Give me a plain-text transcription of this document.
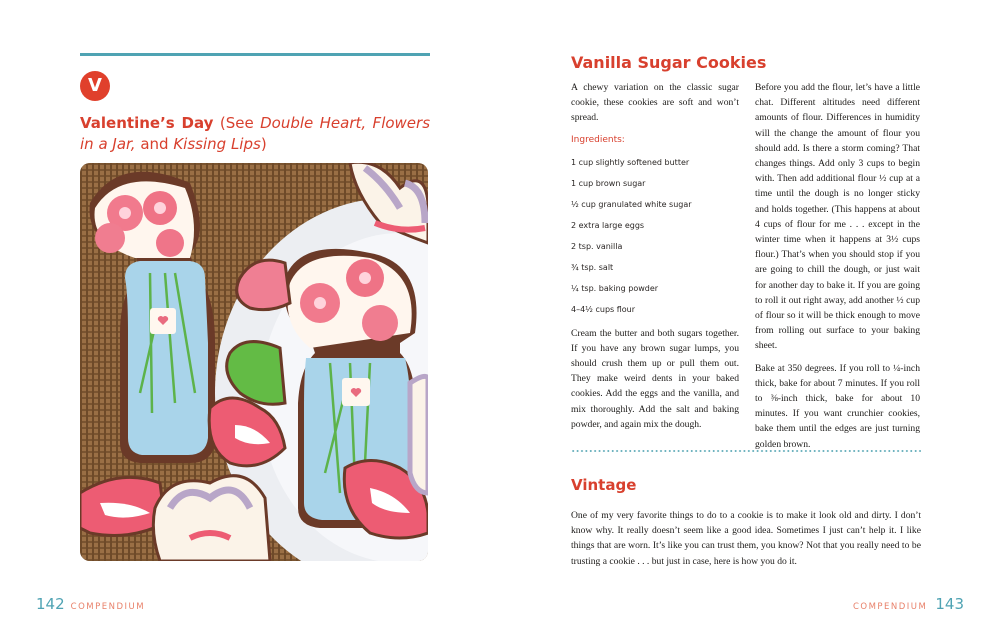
V
Valentine’s Day (See Double Heart, Flowers in a Jar, and Kissing Lips)
142 COMPENDIUM
Vanilla Sugar Cookies

A chewy variation on the classic sugar cookie, these cookies are soft and won’t spread.

Ingredients:
1 cup slightly softened butter
1 cup brown sugar
½ cup granulated white sugar
2 extra large eggs
2 tsp. vanilla
¾ tsp. salt
¼ tsp. baking powder
4–4½ cups flour

Cream the butter and both sugars together. If you have any brown sugar lumps, you should crush them up or pull them out. They make weird dents in your baked cookies. Add the eggs and the vanilla, and mix thoroughly. Add the salt and baking powder, and again mix the dough.

Before you add the flour, let’s have a little chat. Different altitudes need different amounts of flour. Differences in humidity will the change the amount of flour you should add. Is there a storm coming? That changes things. Add only 3 cups to begin with. Then add additional flour ½ cup at a time until the dough is no longer sticky and holds together. (This happens at about 4 cups of flour for me . . . except in the winter time when it happens at 3½ cups flour.) That’s when you should stop if you are going to chill the dough, or just wait for another day to bake it. If you are going to roll it out right away, add another ½ cup of flour so it will be thick enough to move from rolling out surface to your baking sheet.

Bake at 350 degrees. If you roll to ¼-inch thick, bake for about 7 minutes. If you roll to ⅜-inch thick, bake for about 10 minutes. If you want crunchier cookies, bake them until the edges are just turning golden brown.

Vintage

One of my very favorite things to do to a cookie is to make it look old and dirty. I don’t know why. It really doesn’t seem like a good idea. Sometimes I just can’t help it. I like things that are worn. It’s like you can trust them, you know? Not that you really need to be trusting a cookie . . . but just in case, here is how you do it.

COMPENDIUM 143
